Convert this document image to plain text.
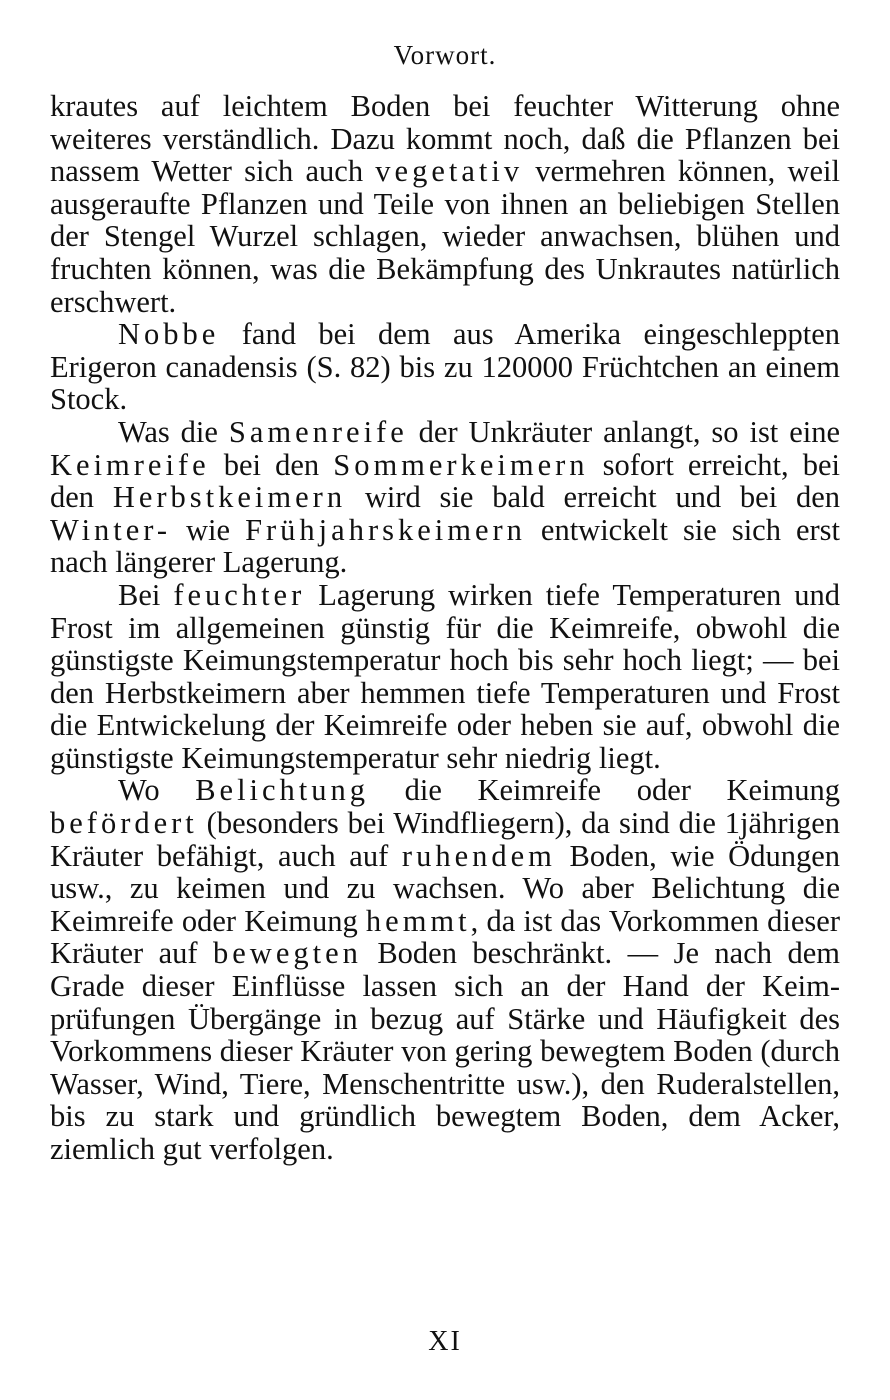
Vorwort.

krautes auf leichtem Boden bei feuchter Witterung ohne weiteres verständlich. Dazu kommt noch, daß die Pflanzen bei nassem Wetter sich auch vegetativ vermehren können, weil ausgeraufte Pflanzen und Teile von ihnen an beliebigen Stellen der Stengel Wurzel schlagen, wieder anwachsen, blühen und fruchten können, was die Bekämpfung des Unkrautes natürlich erschwert.

Nobbe fand bei dem aus Amerika eingeschleppten Erigeron canadensis (S. 82) bis zu 120000 Früchtchen an einem Stock.

Was die Samenreife der Unkräuter anlangt, so ist eine Keimreife bei den Sommerkeimern sofort erreicht, bei den Herbstkeimern wird sie bald erreicht und bei den Winter- wie Frühjahrskeimern entwickelt sie sich erst nach längerer Lagerung.

Bei feuchter Lagerung wirken tiefe Temperaturen und Frost im allgemeinen günstig für die Keimreife, obwohl die günstigste Keimungstemperatur hoch bis sehr hoch liegt; — bei den Herbstkeimern aber hemmen tiefe Temperaturen und Frost die Entwickelung der Keimreife oder heben sie auf, obwohl die günstigste Keimungstemperatur sehr niedrig liegt.

Wo Belichtung die Keimreife oder Keimung befördert (besonders bei Windfliegern), da sind die 1jährigen Kräuter befähigt, auch auf ruhendem Boden, wie Ödungen usw., zu keimen und zu wachsen. Wo aber Belichtung die Keimreife oder Keimung hemmt, da ist das Vorkommen dieser Kräuter auf bewegten Boden beschränkt. — Je nach dem Grade dieser Einflüsse lassen sich an der Hand der Keimprüfungen Übergänge in bezug auf Stärke und Häufigkeit des Vorkommens dieser Kräuter von gering bewegtem Boden (durch Wasser, Wind, Tiere, Menschentritte usw.), den Ruderalstellen, bis zu stark und gründlich bewegtem Boden, dem Acker, ziemlich gut verfolgen.

XI
